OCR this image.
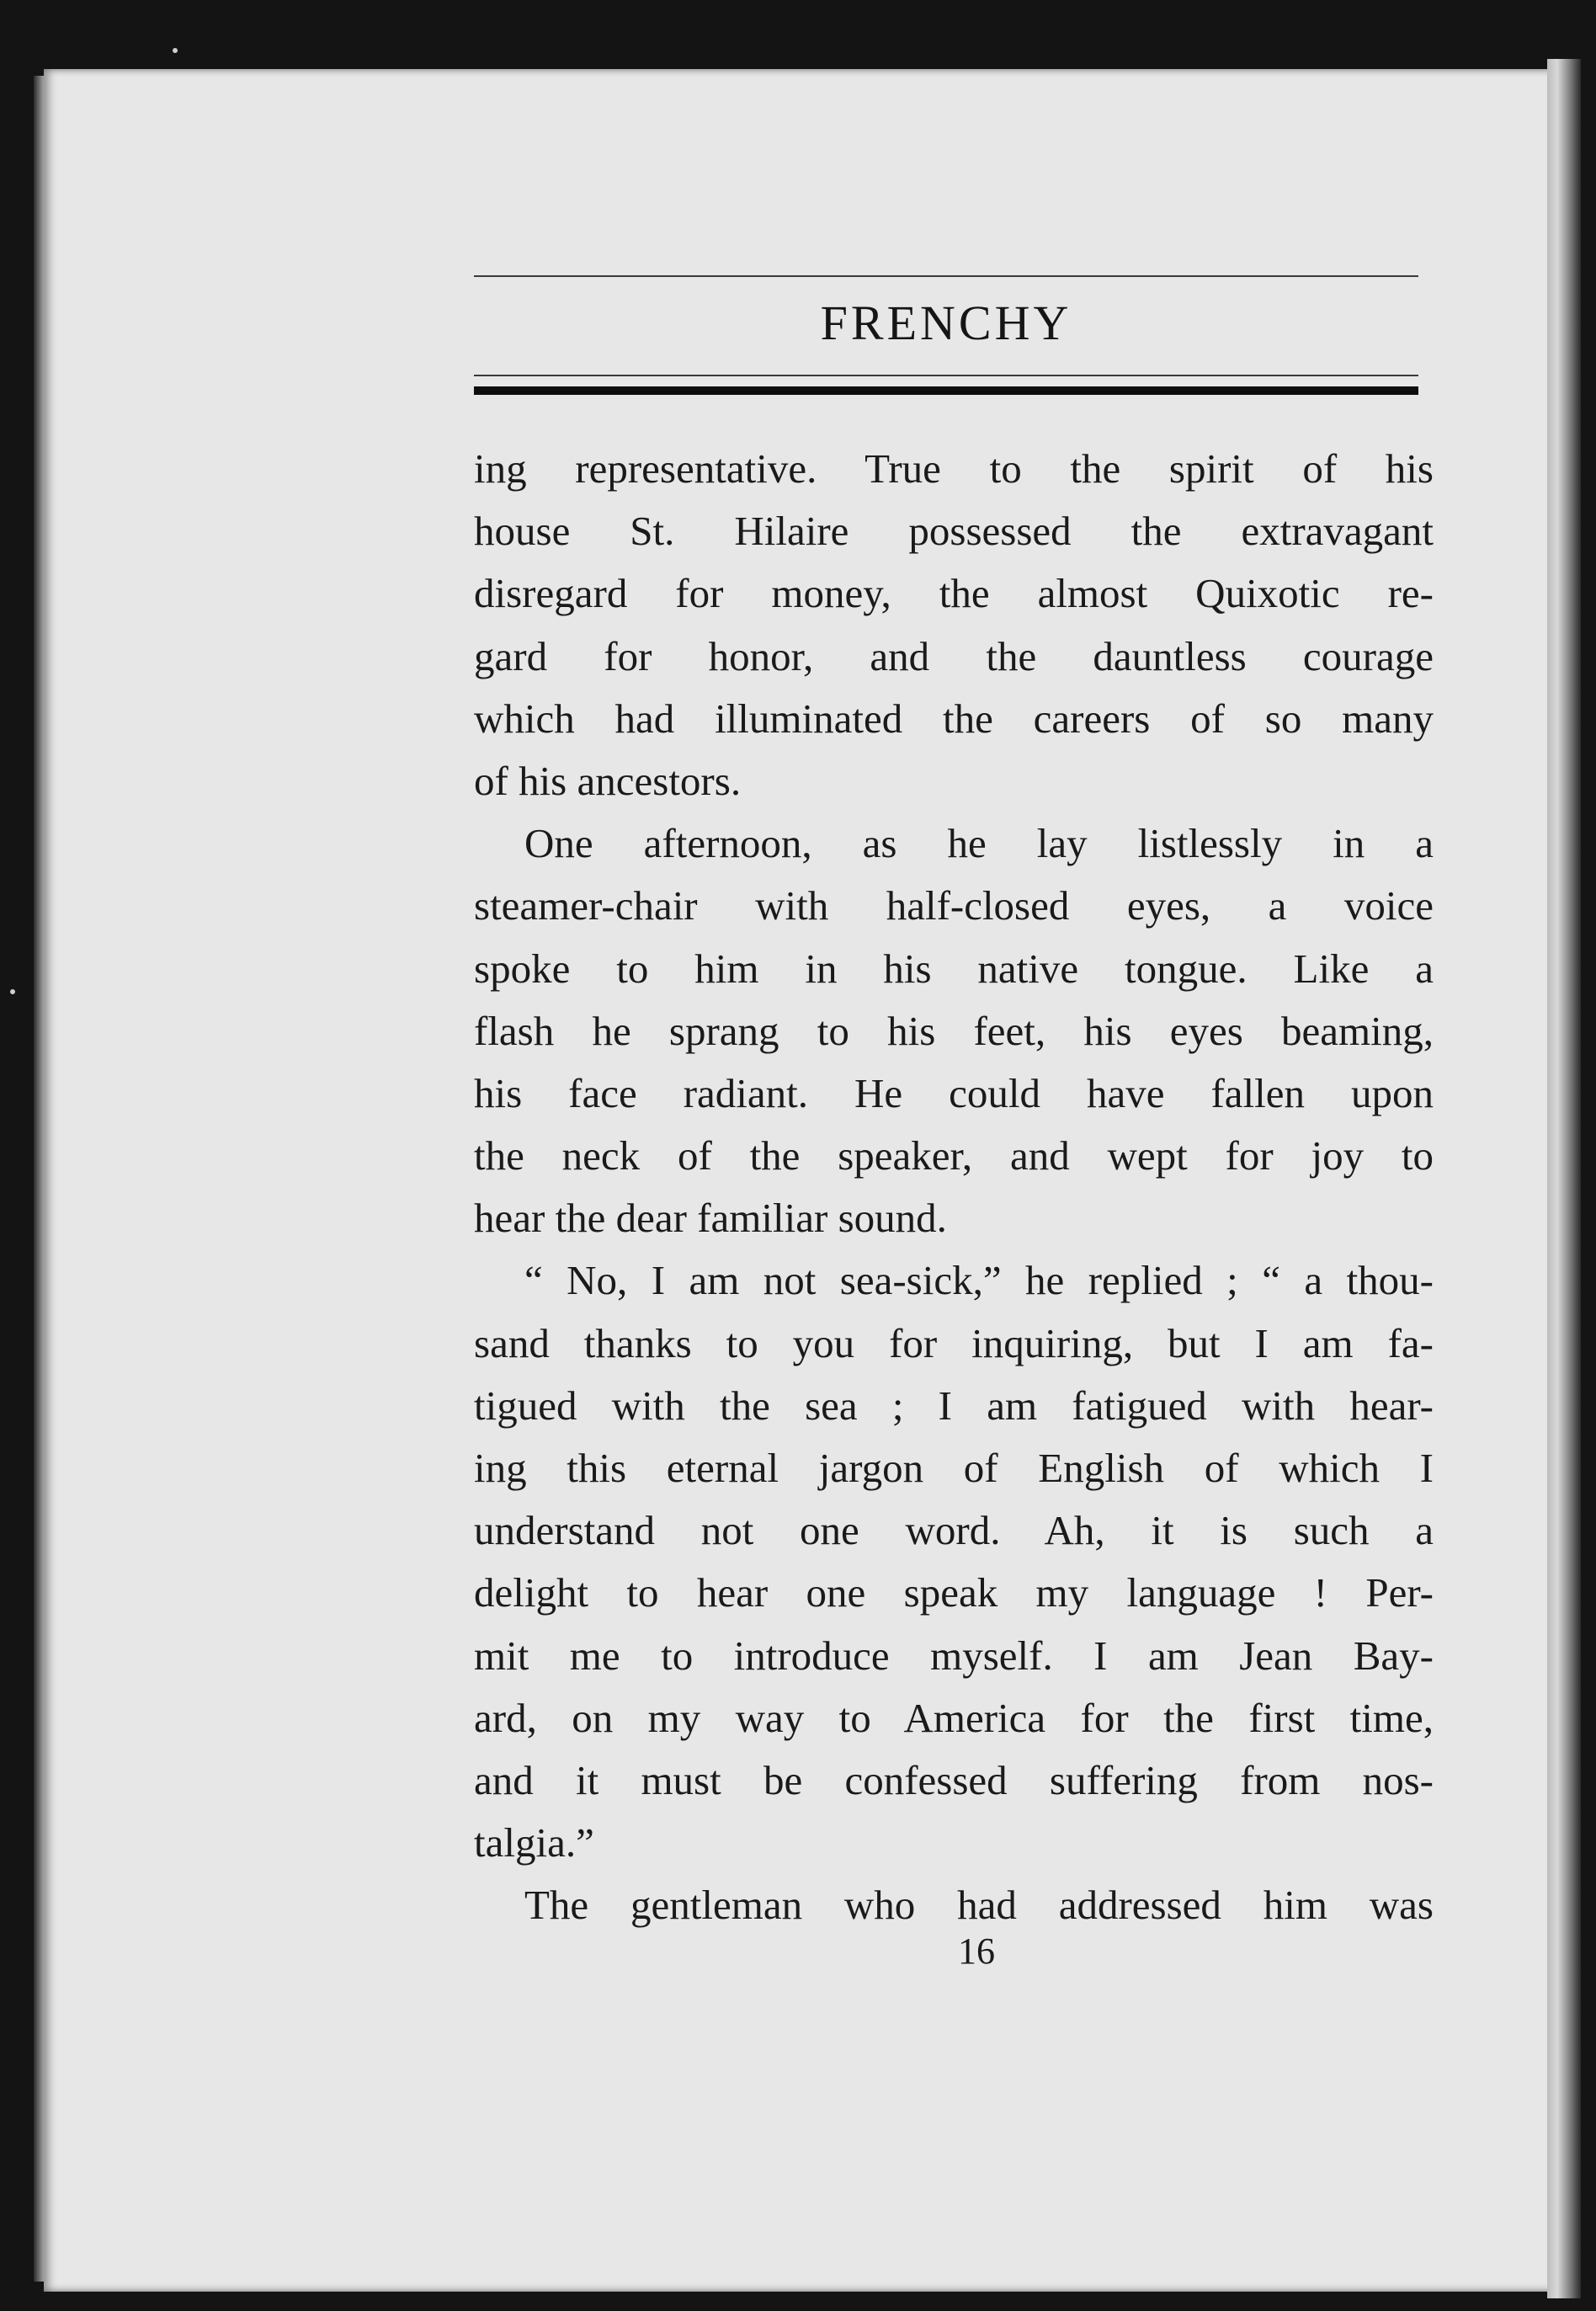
FRENCHY
ing representative. True to the spirit of his
house St. Hilaire possessed the extravagant
disregard for money, the almost Quixotic re-
gard for honor, and the dauntless courage
which had illuminated the careers of so many
of his ancestors.
One afternoon, as he lay listlessly in a
steamer-chair with half-closed eyes, a voice
spoke to him in his native tongue. Like a
flash he sprang to his feet, his eyes beaming,
his face radiant. He could have fallen upon
the neck of the speaker, and wept for joy to
hear the dear familiar sound.
“ No, I am not sea-sick,” he replied ; “ a thou-
sand thanks to you for inquiring, but I am fa-
tigued with the sea ; I am fatigued with hear-
ing this eternal jargon of English of which I
understand not one word. Ah, it is such a
delight to hear one speak my language ! Per-
mit me to introduce myself. I am Jean Bay-
ard, on my way to America for the first time,
and it must be confessed suffering from nos-
talgia.”
The gentleman who had addressed him was
16
